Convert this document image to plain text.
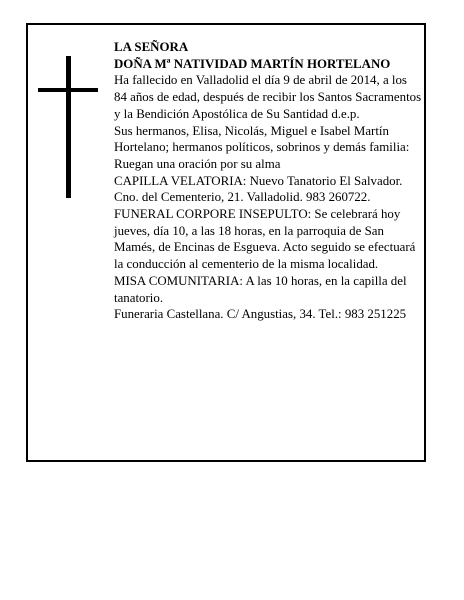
LA SEÑORA

DOÑA Mª NATIVIDAD MARTÍN HORTELANO

Ha fallecido en Valladolid el día 9 de abril de 2014, a los 84 años de edad, después de recibir los Santos Sacramentos y la Bendición Apostólica de Su Santidad d.e.p.

Sus hermanos, Elisa, Nicolás, Miguel e Isabel Martín Hortelano; hermanos políticos, sobrinos y demás familia:

Ruegan una oración por su alma

CAPILLA VELATORIA: Nuevo Tanatorio El Salvador. Cno. del Cementerio, 21. Valladolid. 983 260722.

FUNERAL CORPORE INSEPULTO: Se celebrará hoy jueves, día 10, a las 18 horas, en la parroquia de San Mamés, de Encinas de Esgueva. Acto seguido se efectuará la conducción al cementerio de la misma localidad.

MISA COMUNITARIA: A las 10 horas, en la capilla del tanatorio.

Funeraria Castellana. C/ Angustias, 34. Tel.: 983 251225
